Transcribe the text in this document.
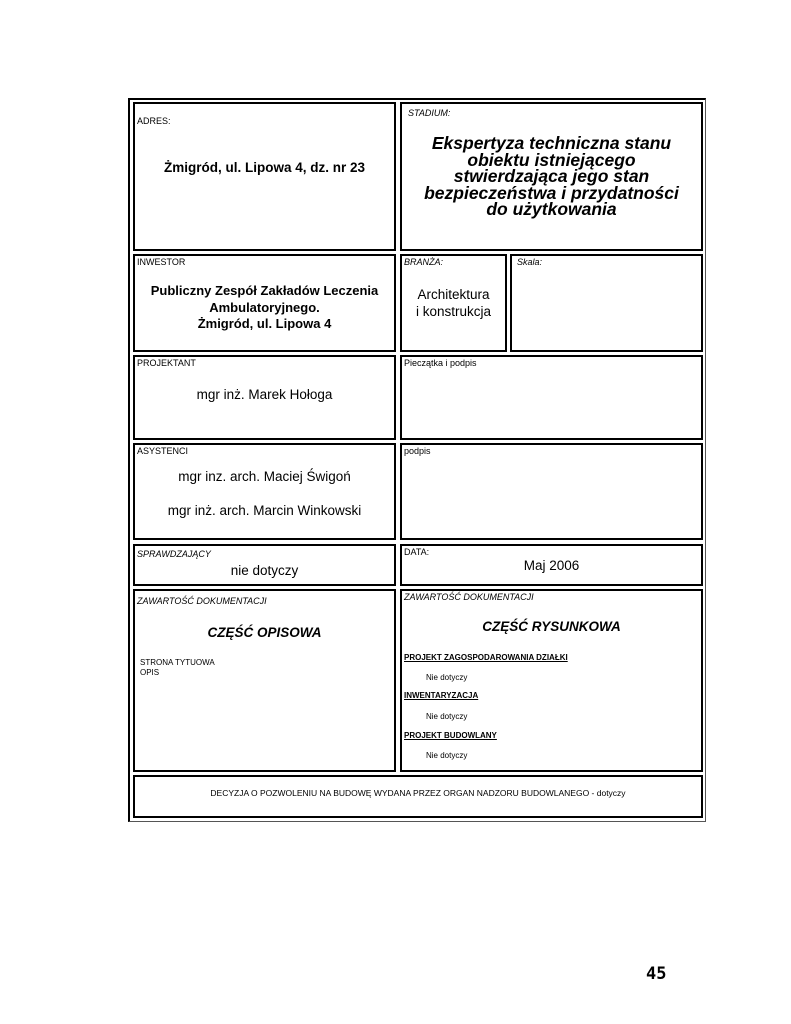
ADRES:
Żmigród, ul. Lipowa 4, dz. nr 23
STADIUM:
Ekspertyza techniczna stanu
obiektu istniejącego
stwierdzająca jego stan
bezpieczeństwa i przydatności
do użytkowania
INWESTOR
Publiczny Zespół Zakładów Leczenia
Ambulatoryjnego.
Żmigród, ul. Lipowa 4
BRANŻA:
Architektura
i konstrukcja
Skala:
PROJEKTANT
mgr inż. Marek Hołoga
Pieczątka i podpis
ASYSTENCI
mgr inz. arch. Maciej Świgoń
mgr inż. arch. Marcin Winkowski
podpis
SPRAWDZAJĄCY
nie dotyczy
DATA:
Maj 2006
ZAWARTOŚĆ DOKUMENTACJI
CZĘŚĆ OPISOWA
STRONA TYTUOWA
OPIS
ZAWARTOŚĆ DOKUMENTACJI
CZĘŚĆ RYSUNKOWA
PROJEKT ZAGOSPODAROWANIA DZIAŁKI
Nie dotyczy
INWENTARYZACJA
Nie dotyczy
PROJEKT BUDOWLANY
Nie dotyczy
DECYZJA O POZWOLENIU NA BUDOWĘ WYDANA PRZEZ ORGAN NADZORU BUDOWLANEGO - dotyczy
45
